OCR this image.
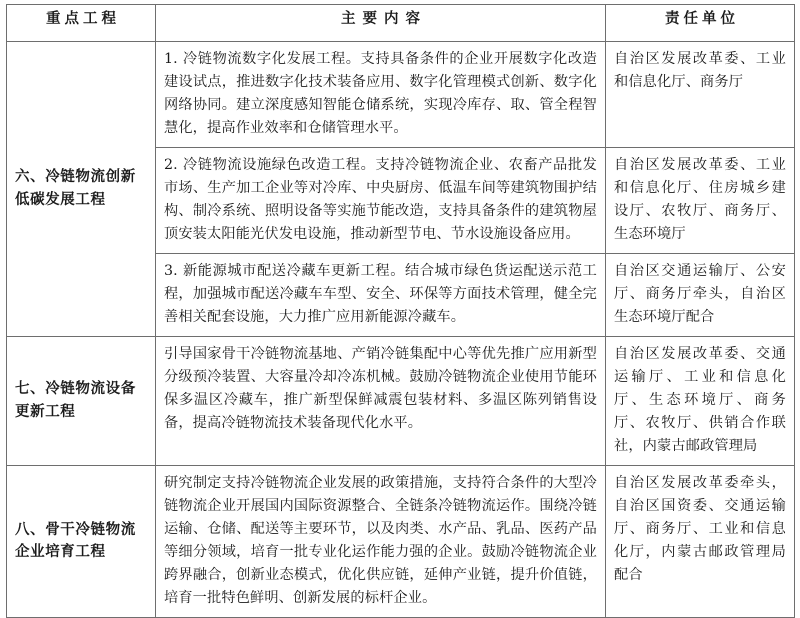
重点工程	主要内容	责任单位
六、冷链物流创新低碳发展工程	1. 冷链物流数字化发展工程。支持具备条件的企业开展数字化改造建设试点，推进数字化技术装备应用、数字化管理模式创新、数字化网络协同。建立深度感知智能仓储系统，实现冷库存、取、管全程智慧化，提高作业效率和仓储管理水平。	自治区发展改革委、工业和信息化厅、商务厅

	2. 冷链物流设施绿色改造工程。支持冷链物流企业、农畜产品批发市场、生产加工企业等对冷库、中央厨房、低温车间等建筑物围护结构、制冷系统、照明设备等实施节能改造，支持具备条件的建筑物屋顶安装太阳能光伏发电设施，推动新型节电、节水设施设备应用。	自治区发展改革委、工业和信息化厅、住房城乡建设厅、农牧厅、商务厅、生态环境厅

	3. 新能源城市配送冷藏车更新工程。结合城市绿色货运配送示范工程，加强城市配送冷藏车车型、安全、环保等方面技术管理，健全完善相关配套设施，大力推广应用新能源冷藏车。	自治区交通运输厅、公安厅、商务厅牵头，自治区生态环境厅配合

七、冷链物流设备更新工程	引导国家骨干冷链物流基地、产销冷链集配中心等优先推广应用新型分级预冷装置、大容量冷却冷冻机械。鼓励冷链物流企业使用节能环保多温区冷藏车，推广新型保鲜减震包装材料、多温区陈列销售设备，提高冷链物流技术装备现代化水平。	自治区发展改革委、交通运输厅、工业和信息化厅、生态环境厅、商务厅、农牧厅、供销合作联社，内蒙古邮政管理局

八、骨干冷链物流企业培育工程	研究制定支持冷链物流企业发展的政策措施，支持符合条件的大型冷链物流企业开展国内国际资源整合、全链条冷链物流运作。围绕冷链运输、仓储、配送等主要环节，以及肉类、水产品、乳品、医药产品等细分领域，培育一批专业化运作能力强的企业。鼓励冷链物流企业跨界融合，创新业态模式，优化供应链，延伸产业链，提升价值链，培育一批特色鲜明、创新发展的标杆企业。	自治区发展改革委牵头，自治区国资委、交通运输厅、商务厅、工业和信息化厅，内蒙古邮政管理局配合
